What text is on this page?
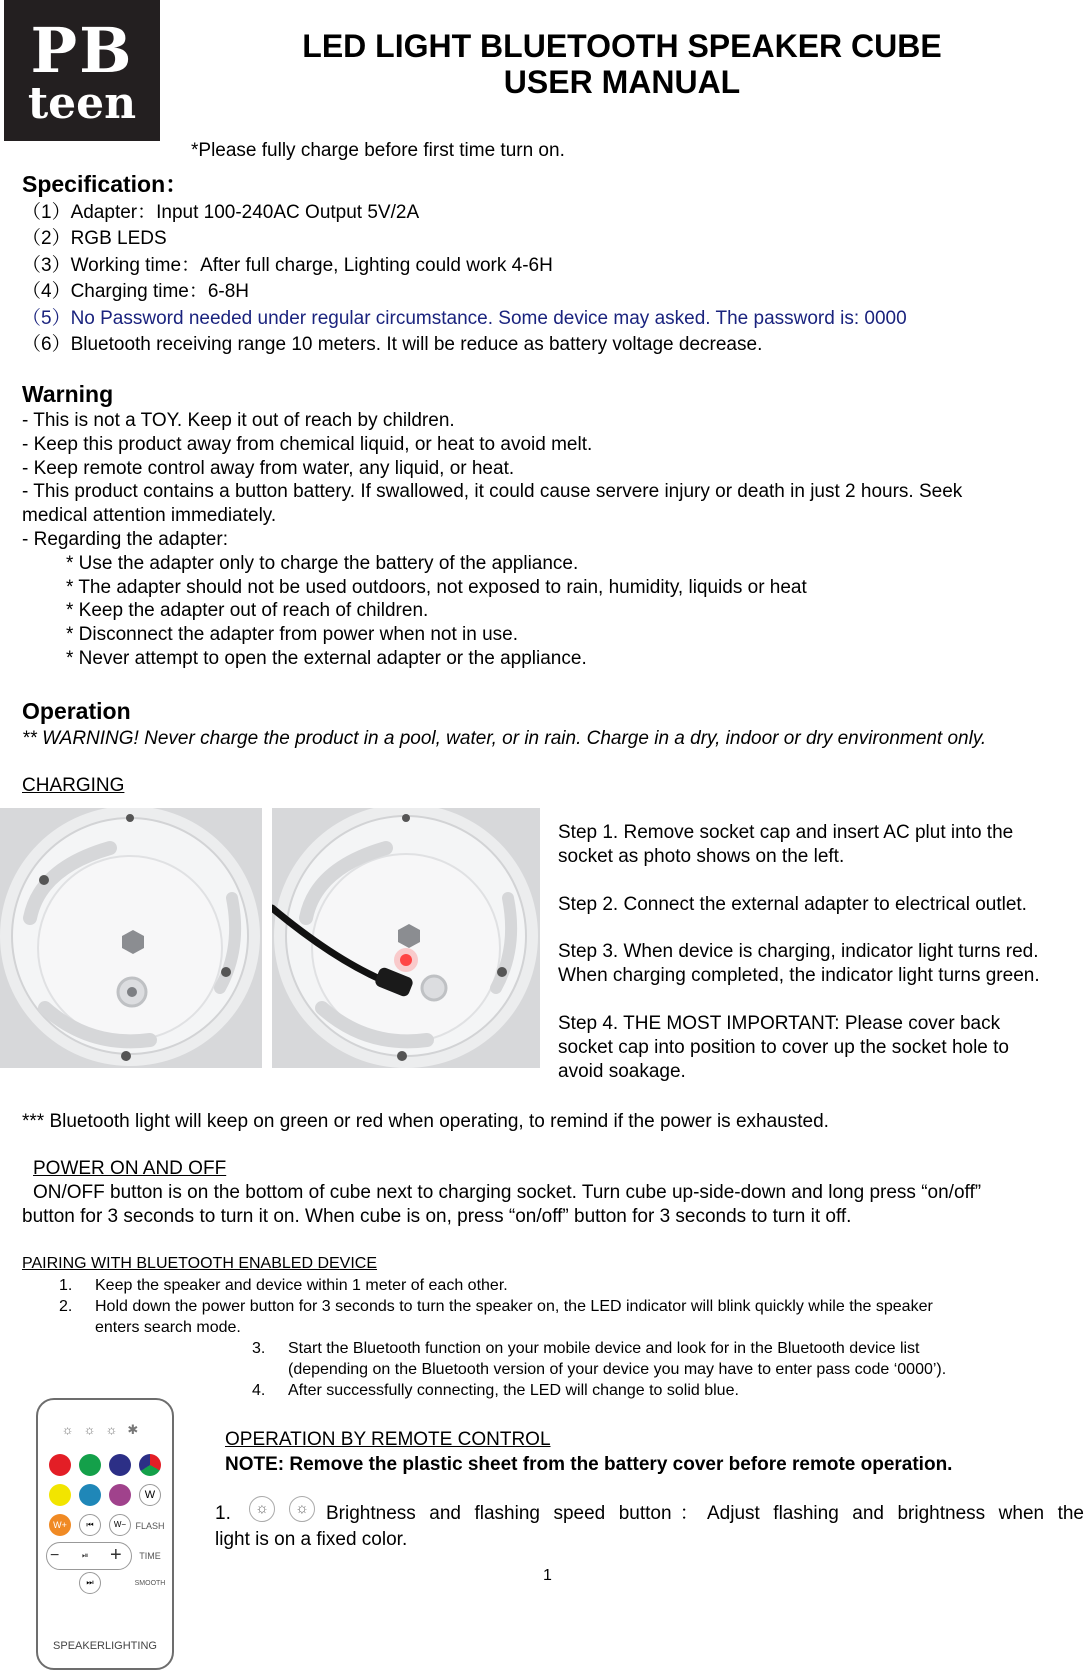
PB
teen
LED LIGHT BLUETOOTH SPEAKER CUBE
USER MANUAL
*Please fully charge before first time turn on.
Specification：
（1）Adapter：Input 100-240AC Output 5V/2A
（2）RGB LEDS
（3）Working time：After full charge, Lighting could work 4-6H
（4）Charging time：6-8H
（5）No Password needed under regular circumstance. Some device may asked. The password is: 0000
（6）Bluetooth receiving range 10 meters. It will be reduce as battery voltage decrease.
Warning
- This is not a TOY. Keep it out of reach by children.
- Keep this product away from chemical liquid, or heat to avoid melt.
- Keep remote control away from water, any liquid, or heat.
- This product contains a button battery. If swallowed, it could cause servere injury or death in just 2 hours. Seek
medical attention immediately.
- Regarding the adapter:
* Use the adapter only to charge the battery of the appliance.
* The adapter should not be used outdoors, not exposed to rain, humidity, liquids or heat
* Keep the adapter out of reach of children.
* Disconnect the adapter from power when not in use.
* Never attempt to open the external adapter or the appliance.
Operation
** WARNING! Never charge the product in a pool, water, or in rain. Charge in a dry, indoor or dry environment only.
CHARGING
Step 1. Remove socket cap and insert AC plut into the
socket as photo shows on the left.
Step 2. Connect the external adapter to electrical outlet.
Step 3. When device is charging, indicator light turns red.
When charging completed, the indicator light turns green.
Step 4. THE MOST IMPORTANT: Please cover back
socket cap into position to cover up the socket hole to
avoid soakage.
*** Bluetooth light will keep on green or red when operating, to remind if the power is exhausted.
POWER ON AND OFF
ON/OFF button is on the bottom of cube next to charging socket. Turn cube up-side-down and long press “on/off”
button for 3 seconds to turn it on. When cube is on, press “on/off” button for 3 seconds to turn it off.
PAIRING WITH BLUETOOTH ENABLED DEVICE
1. Keep the speaker and device within 1 meter of each other.
2. Hold down the power button for 3 seconds to turn the speaker on, the LED indicator will blink quickly while the speaker
enters search mode.
3. Start the Bluetooth function on your mobile device and look for in the Bluetooth device list
(depending on the Bluetooth version of your device you may have to enter pass code ‘0000’).
4. After successfully connecting, the LED will change to solid blue.
☼☼☼✱
W
W+	⏮	W−	FLASH
−	⏯ +	TIME
⏭	SMOOTH
SPEAKERLIGHTING
OPERATION BY REMOTE CONTROL
NOTE: Remove the plastic sheet from the battery cover before remote operation.
1.	☼	☼ Brightness and flashing speed button：Adjust flashing and brightness when the
light is on a fixed color.
1
